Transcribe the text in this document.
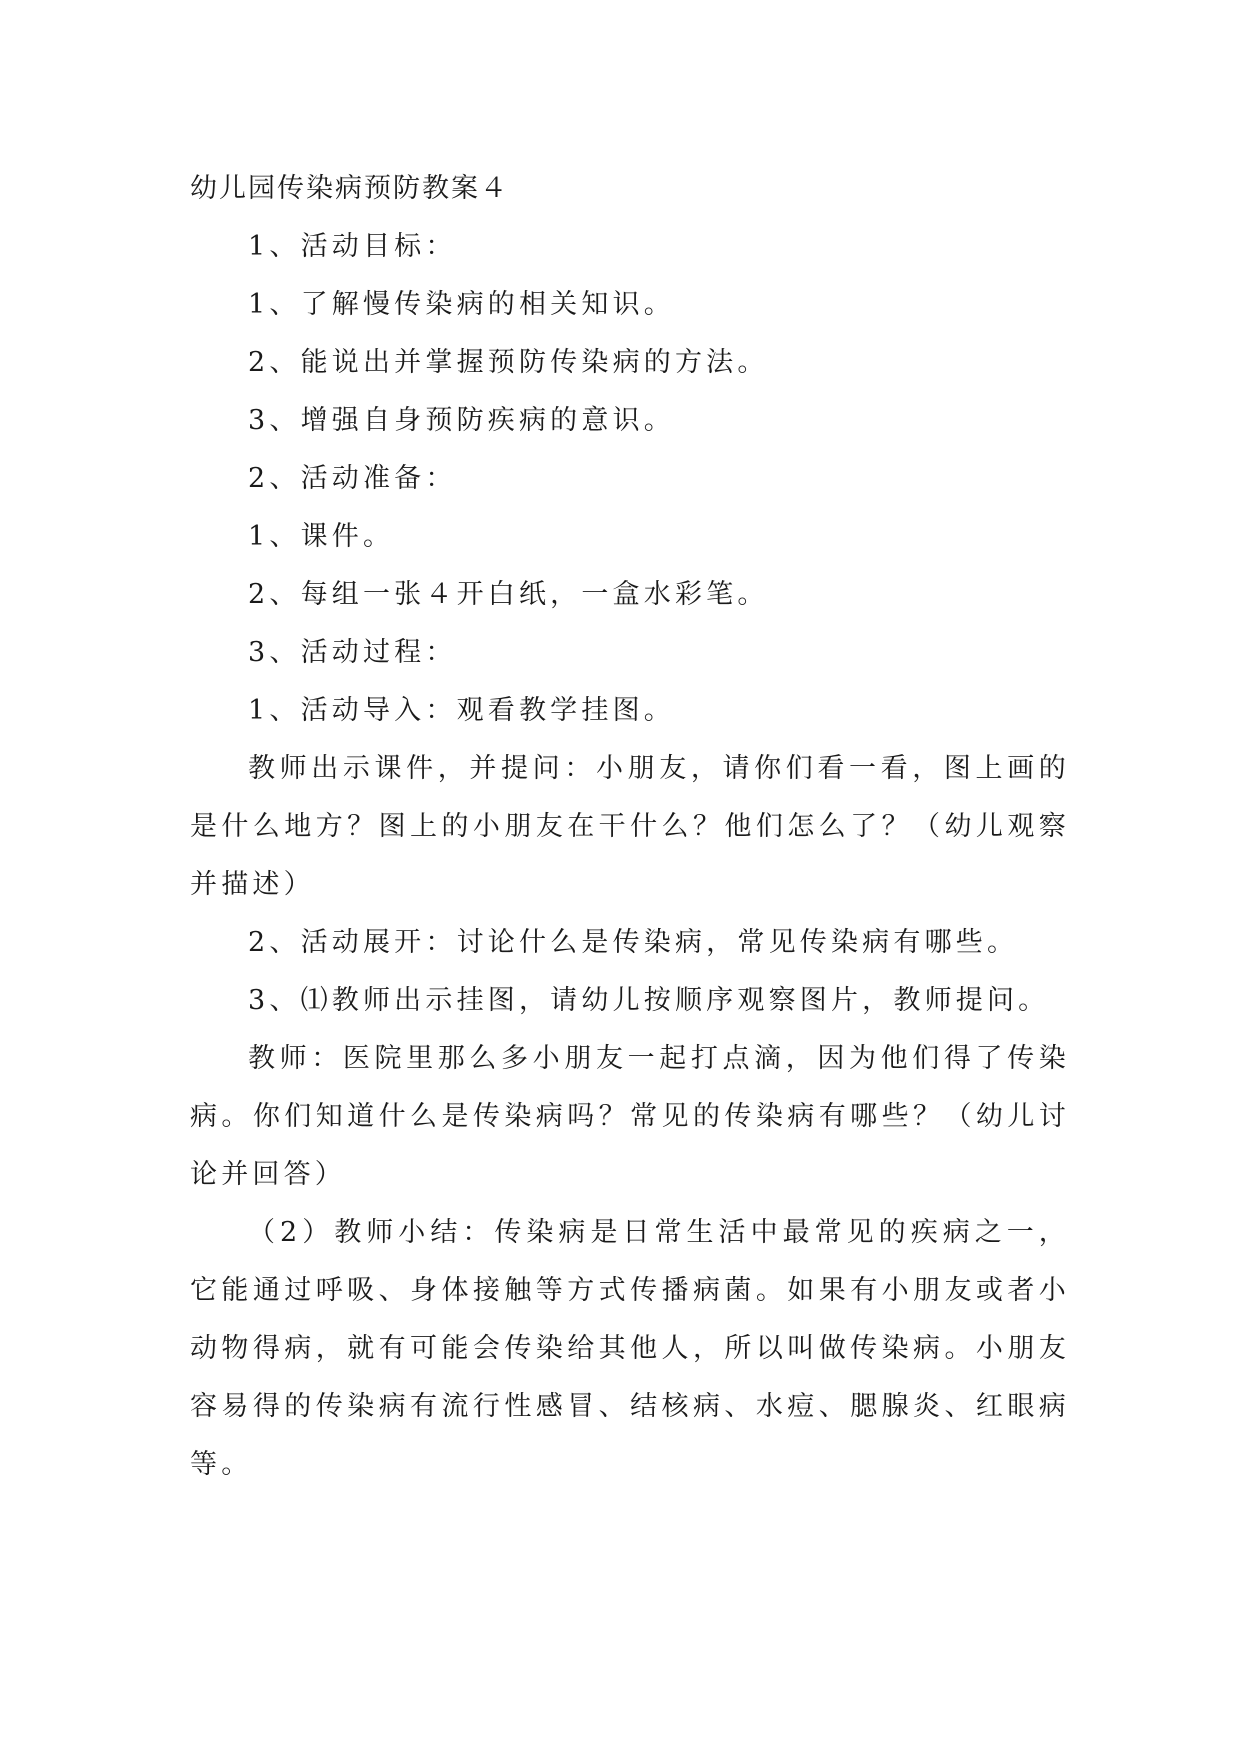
幼儿园传染病预防教案４

1、活动目标：

1、了解慢传染病的相关知识。

2、能说出并掌握预防传染病的方法。

3、增强自身预防疾病的意识。

2、活动准备：

1、课件。

2、每组一张４开白纸，一盒水彩笔。

3、活动过程：

1、活动导入：观看教学挂图。

教师出示课件，并提问：小朋友，请你们看一看，图上画的是什么地方？图上的小朋友在干什么？他们怎么了？（幼儿观察并描述）

2、活动展开：讨论什么是传染病，常见传染病有哪些。

3、⑴教师出示挂图，请幼儿按顺序观察图片，教师提问。

教师：医院里那么多小朋友一起打点滴，因为他们得了传染病。你们知道什么是传染病吗？常见的传染病有哪些？（幼儿讨论并回答）

（2）教师小结：传染病是日常生活中最常见的疾病之一，它能通过呼吸、身体接触等方式传播病菌。如果有小朋友或者小动物得病，就有可能会传染给其他人，所以叫做传染病。小朋友容易得的传染病有流行性感冒、结核病、水痘、腮腺炎、红眼病等。
